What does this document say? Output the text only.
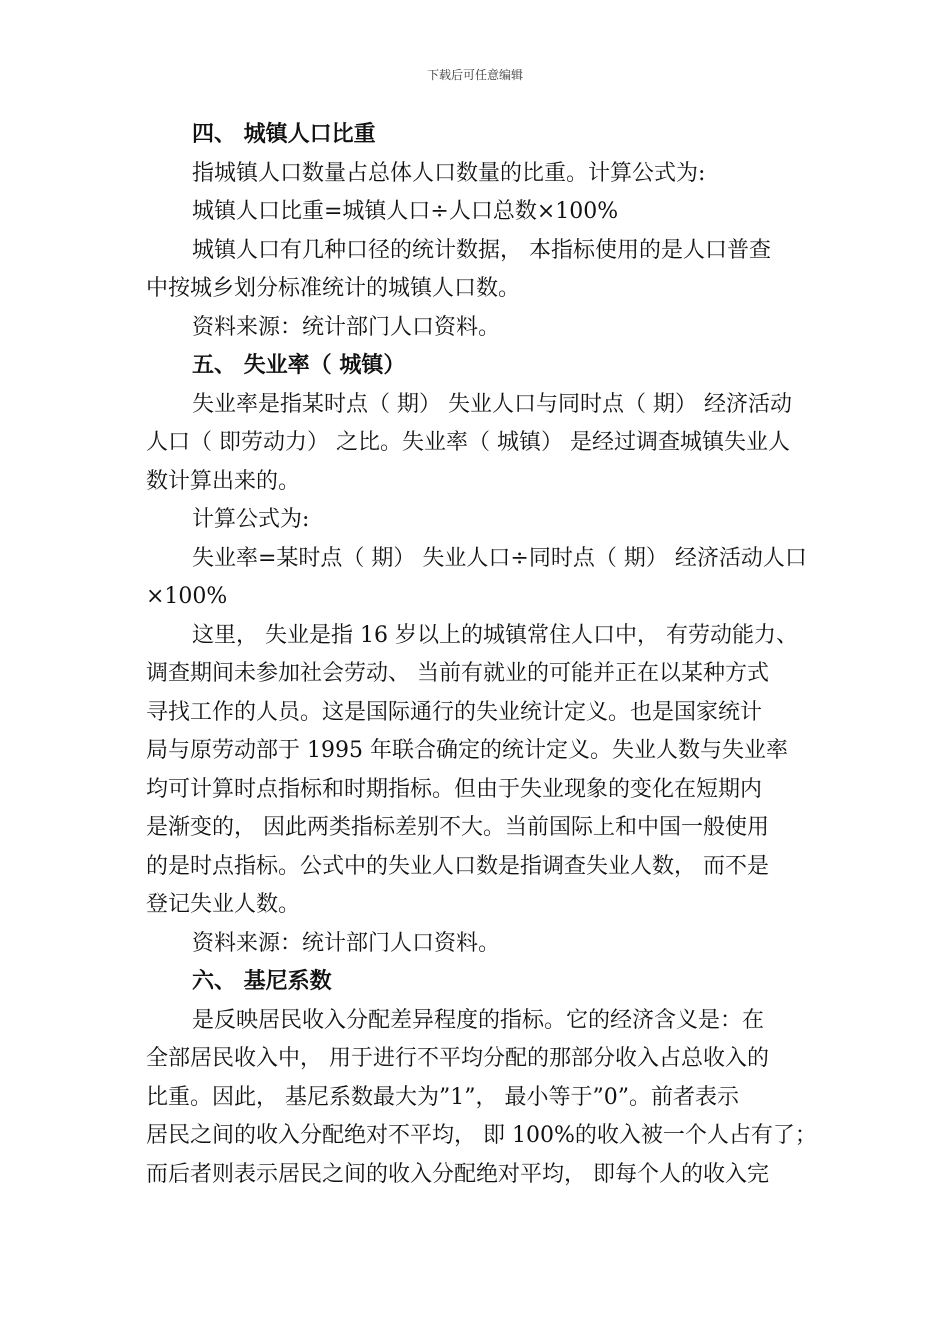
下载后可任意编辑
四、 城镇人口比重
指城镇人口数量占总体人口数量的比重。计算公式为:
城镇人口比重=城镇人口÷人口总数×100%
城镇人口有几种口径的统计数据， 本指标使用的是人口普查
中按城乡划分标准统计的城镇人口数。
资料来源：统计部门人口资料。
五、 失业率（ 城镇）
失业率是指某时点（ 期） 失业人口与同时点（ 期） 经济活动
人口（ 即劳动力） 之比。失业率（ 城镇） 是经过调查城镇失业人
数计算出来的。
计算公式为:
失业率=某时点（ 期） 失业人口÷同时点（ 期） 经济活动人口
×100%
这里， 失业是指 16 岁以上的城镇常住人口中， 有劳动能力、
调查期间未参加社会劳动、 当前有就业的可能并正在以某种方式
寻找工作的人员。这是国际通行的失业统计定义。也是国家统计
局与原劳动部于 1995 年联合确定的统计定义。失业人数与失业率
均可计算时点指标和时期指标。但由于失业现象的变化在短期内
是渐变的， 因此两类指标差别不大。当前国际上和中国一般使用
的是时点指标。公式中的失业人口数是指调查失业人数， 而不是
登记失业人数。
资料来源：统计部门人口资料。
六、 基尼系数
是反映居民收入分配差异程度的指标。它的经济含义是：在
全部居民收入中， 用于进行不平均分配的那部分收入占总收入的
比重。因此， 基尼系数最大为”1”， 最小等于”0”。前者表示
居民之间的收入分配绝对不平均， 即 100%的收入被一个人占有了；
而后者则表示居民之间的收入分配绝对平均， 即每个人的收入完
